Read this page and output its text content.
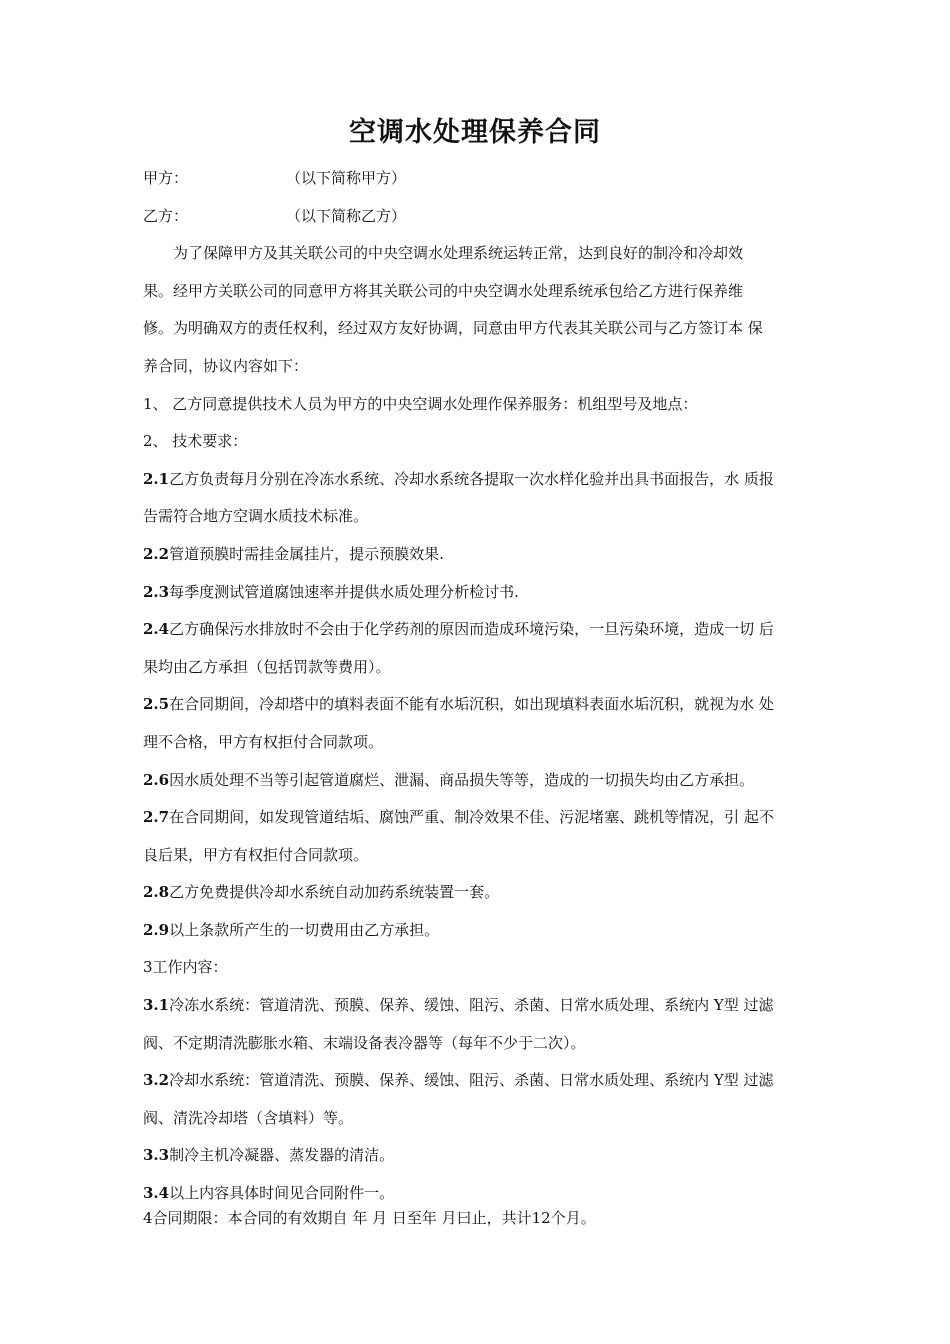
空调水处理保养合同
甲方：	（以下简称甲方）
乙方：	（以下简称乙方）
为了保障甲方及其关联公司的中央空调水处理系统运转正常，达到良好的制冷和冷却效
果。经甲方关联公司的同意甲方将其关联公司的中央空调水处理系统承包给乙方进行保养维
修。为明确双方的责任权利，经过双方友好协调，同意由甲方代表其关联公司与乙方签订本 保
养合同，协议内容如下：
1、 乙方同意提供技术人员为甲方的中央空调水处理作保养服务：机组型号及地点：
2、 技术要求：
2.1乙方负责每月分别在冷冻水系统、冷却水系统各提取一次水样化验并出具书面报告，水 质报
告需符合地方空调水质技术标准。
2.2管道预膜时需挂金属挂片，提示预膜效果.
2.3每季度测试管道腐蚀速率并提供水质处理分析检讨书.
2.4乙方确保污水排放时不会由于化学药剂的原因而造成环境污染，一旦污染环境，造成一切 后
果均由乙方承担（包括罚款等费用）。
2.5在合同期间，冷却塔中的填料表面不能有水垢沉积，如出现填料表面水垢沉积，就视为水 处
理不合格，甲方有权拒付合同款项。
2.6因水质处理不当等引起管道腐烂、泄漏、商品损失等等，造成的一切损失均由乙方承担。
2.7在合同期间，如发现管道结垢、腐蚀严重、制冷效果不佳、污泥堵塞、跳机等情况，引 起不
良后果，甲方有权拒付合同款项。
2.8乙方免费提供冷却水系统自动加药系统装置一套。
2.9以上条款所产生的一切费用由乙方承担。
3工作内容：
3.1冷冻水系统：管道清洗、预膜、保养、缓蚀、阻污、杀菌、日常水质处理、系统内 Y型 过滤
阀、不定期清洗膨胀水箱、末端设备表冷器等（每年不少于二次）。
3.2冷却水系统：管道清洗、预膜、保养、缓蚀、阻污、杀菌、日常水质处理、系统内 Y型 过滤
阀、清洗冷却塔（含填料）等。
3.3制冷主机冷凝器、蒸发器的清洁。
3.4以上内容具体时间见合同附件一。
4合同期限：本合同的有效期自 年 月 日至年 月曰止，共计12个月。
